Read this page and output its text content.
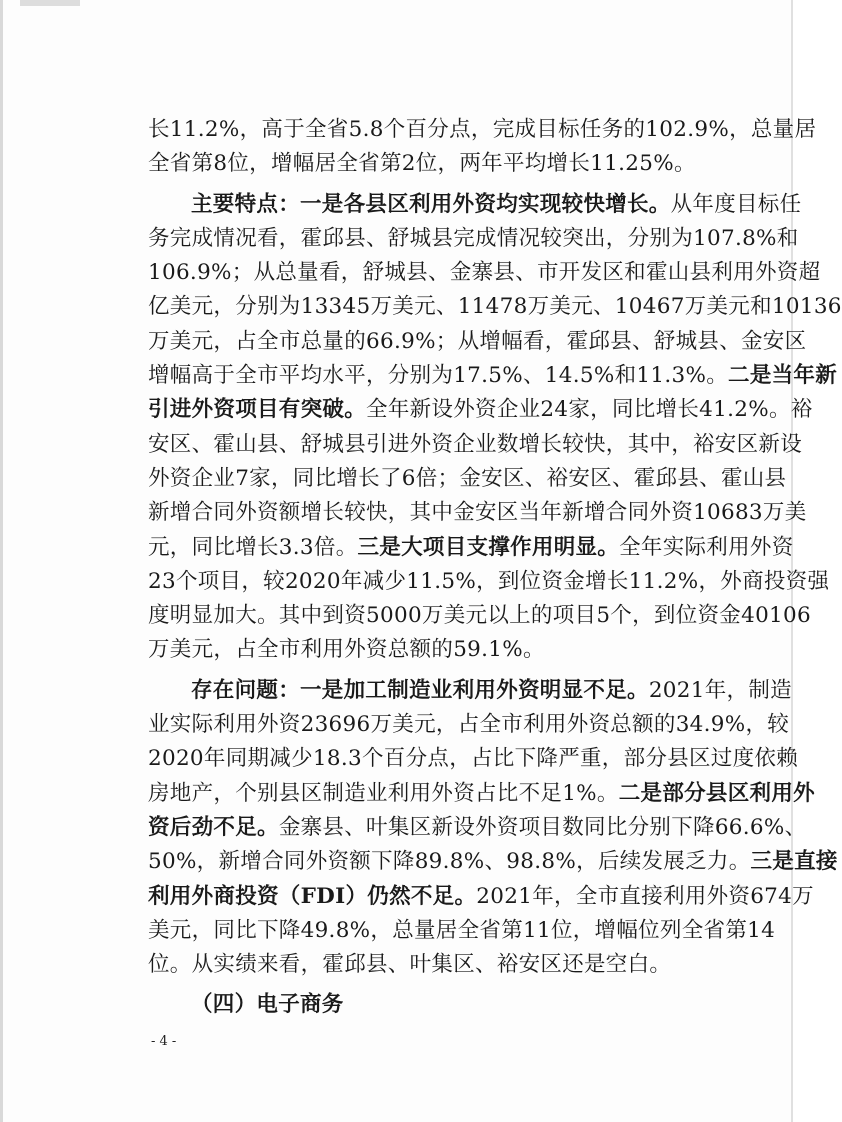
长11.2%，高于全省5.8个百分点，完成目标任务的102.9%，总量居
全省第8位，增幅居全省第2位，两年平均增长11.25%。
主要特点：一是各县区利用外资均实现较快增长。从年度目标任
务完成情况看，霍邱县、舒城县完成情况较突出，分别为107.8%和
106.9%；从总量看，舒城县、金寨县、市开发区和霍山县利用外资超
亿美元，分别为13345万美元、11478万美元、10467万美元和10136
万美元，占全市总量的66.9%；从增幅看，霍邱县、舒城县、金安区
增幅高于全市平均水平，分别为17.5%、14.5%和11.3%。二是当年新
引进外资项目有突破。全年新设外资企业24家，同比增长41.2%。裕
安区、霍山县、舒城县引进外资企业数增长较快，其中，裕安区新设
外资企业7家，同比增长了6倍；金安区、裕安区、霍邱县、霍山县
新增合同外资额增长较快，其中金安区当年新增合同外资10683万美
元，同比增长3.3倍。三是大项目支撑作用明显。全年实际利用外资
23个项目，较2020年减少11.5%，到位资金增长11.2%，外商投资强
度明显加大。其中到资5000万美元以上的项目5个，到位资金40106
万美元，占全市利用外资总额的59.1%。
存在问题：一是加工制造业利用外资明显不足。2021年，制造
业实际利用外资23696万美元，占全市利用外资总额的34.9%，较
2020年同期减少18.3个百分点，占比下降严重，部分县区过度依赖
房地产，个别县区制造业利用外资占比不足1%。二是部分县区利用外
资后劲不足。金寨县、叶集区新设外资项目数同比分别下降66.6%、
50%，新增合同外资额下降89.8%、98.8%，后续发展乏力。三是直接
利用外商投资（FDI）仍然不足。2021年，全市直接利用外资674万
美元，同比下降49.8%，总量居全省第11位，增幅位列全省第14
位。从实绩来看，霍邱县、叶集区、裕安区还是空白。
（四）电子商务
- 4 -
